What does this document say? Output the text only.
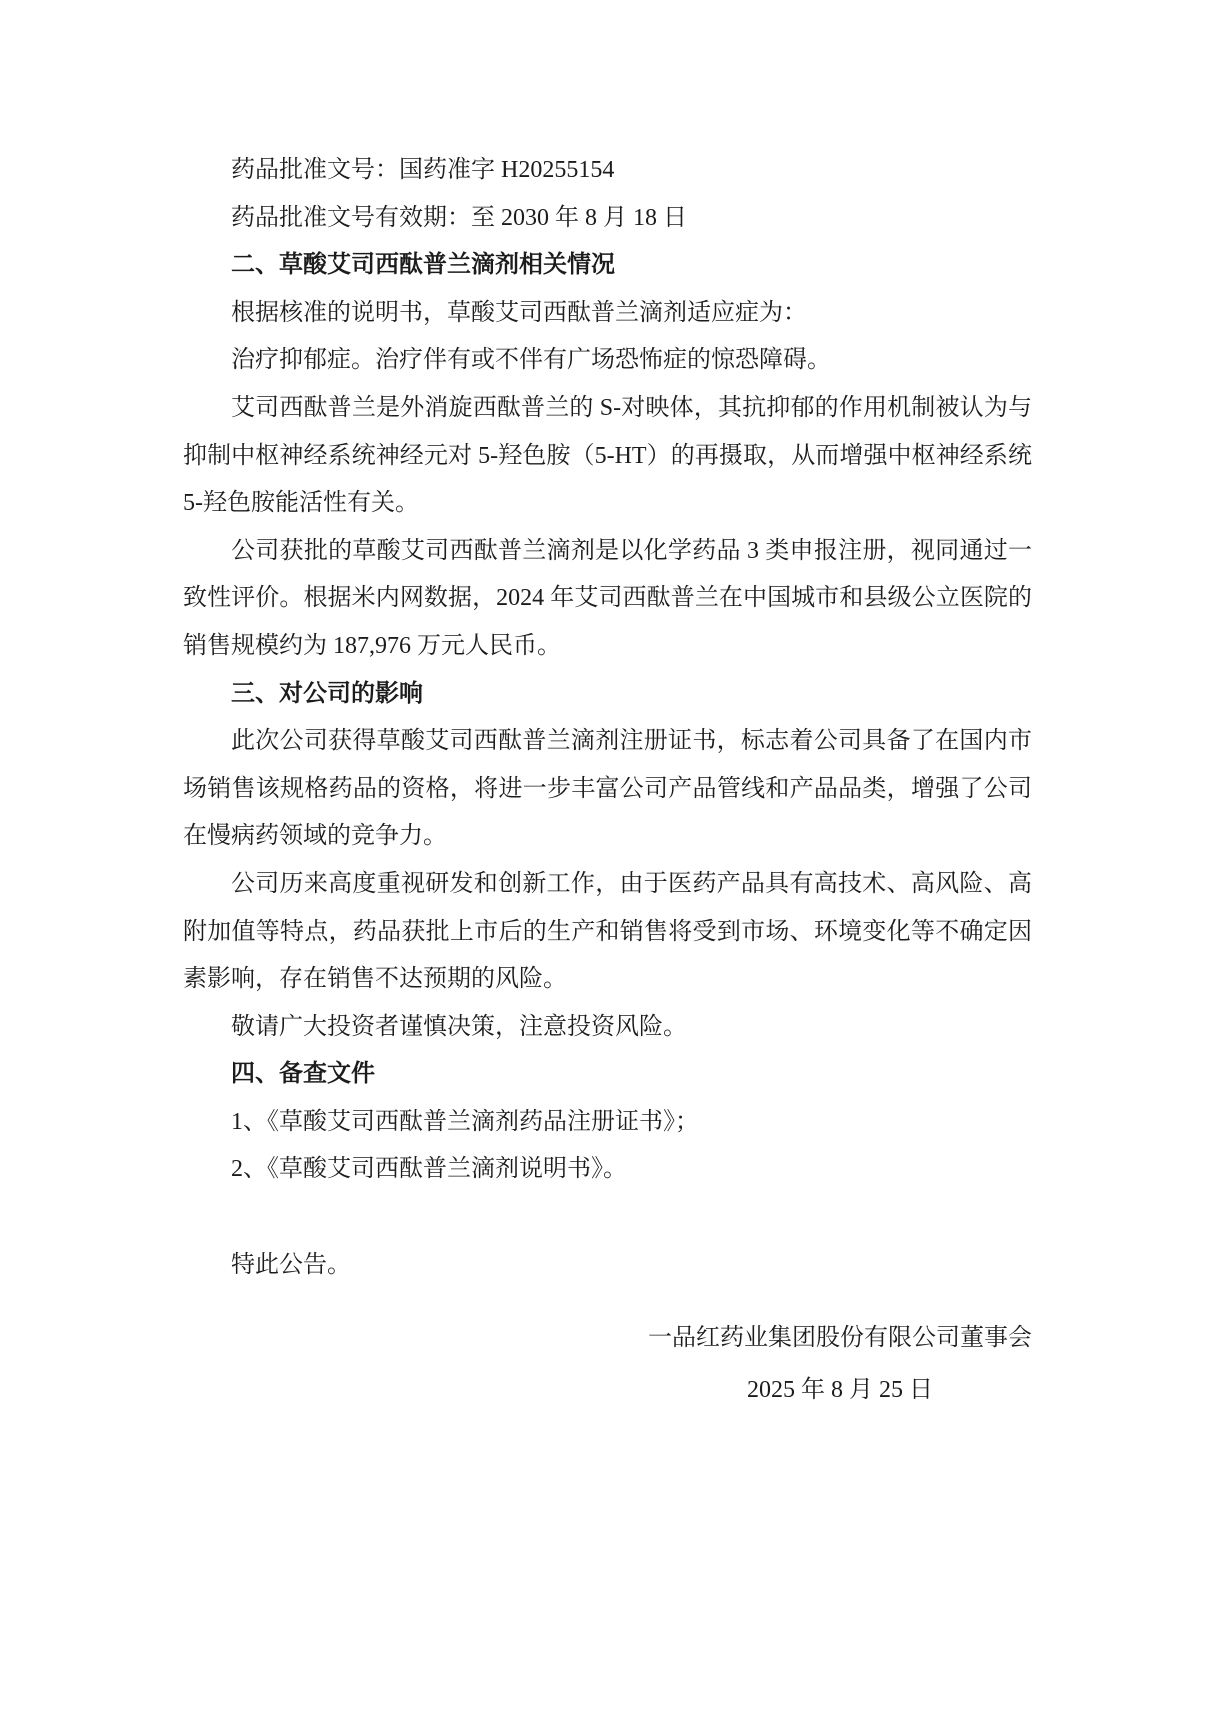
药品批准文号：国药准字 H20255154

药品批准文号有效期：至 2030 年 8 月 18 日

二、草酸艾司西酞普兰滴剂相关情况

根据核准的说明书，草酸艾司西酞普兰滴剂适应症为：

治疗抑郁症。治疗伴有或不伴有广场恐怖症的惊恐障碍。

艾司西酞普兰是外消旋西酞普兰的 S-对映体，其抗抑郁的作用机制被认为与抑制中枢神经系统神经元对 5-羟色胺（5-HT）的再摄取，从而增强中枢神经系统 5-羟色胺能活性有关。

公司获批的草酸艾司西酞普兰滴剂是以化学药品 3 类申报注册，视同通过一致性评价。根据米内网数据，2024 年艾司西酞普兰在中国城市和县级公立医院的销售规模约为 187,976 万元人民币。

三、对公司的影响

此次公司获得草酸艾司西酞普兰滴剂注册证书，标志着公司具备了在国内市场销售该规格药品的资格，将进一步丰富公司产品管线和产品品类，增强了公司在慢病药领域的竞争力。

公司历来高度重视研发和创新工作，由于医药产品具有高技术、高风险、高附加值等特点，药品获批上市后的生产和销售将受到市场、环境变化等不确定因素影响，存在销售不达预期的风险。

敬请广大投资者谨慎决策，注意投资风险。

四、备查文件

1、《草酸艾司西酞普兰滴剂药品注册证书》；

2、《草酸艾司西酞普兰滴剂说明书》。

特此公告。

一品红药业集团股份有限公司董事会
2025 年 8 月 25 日
